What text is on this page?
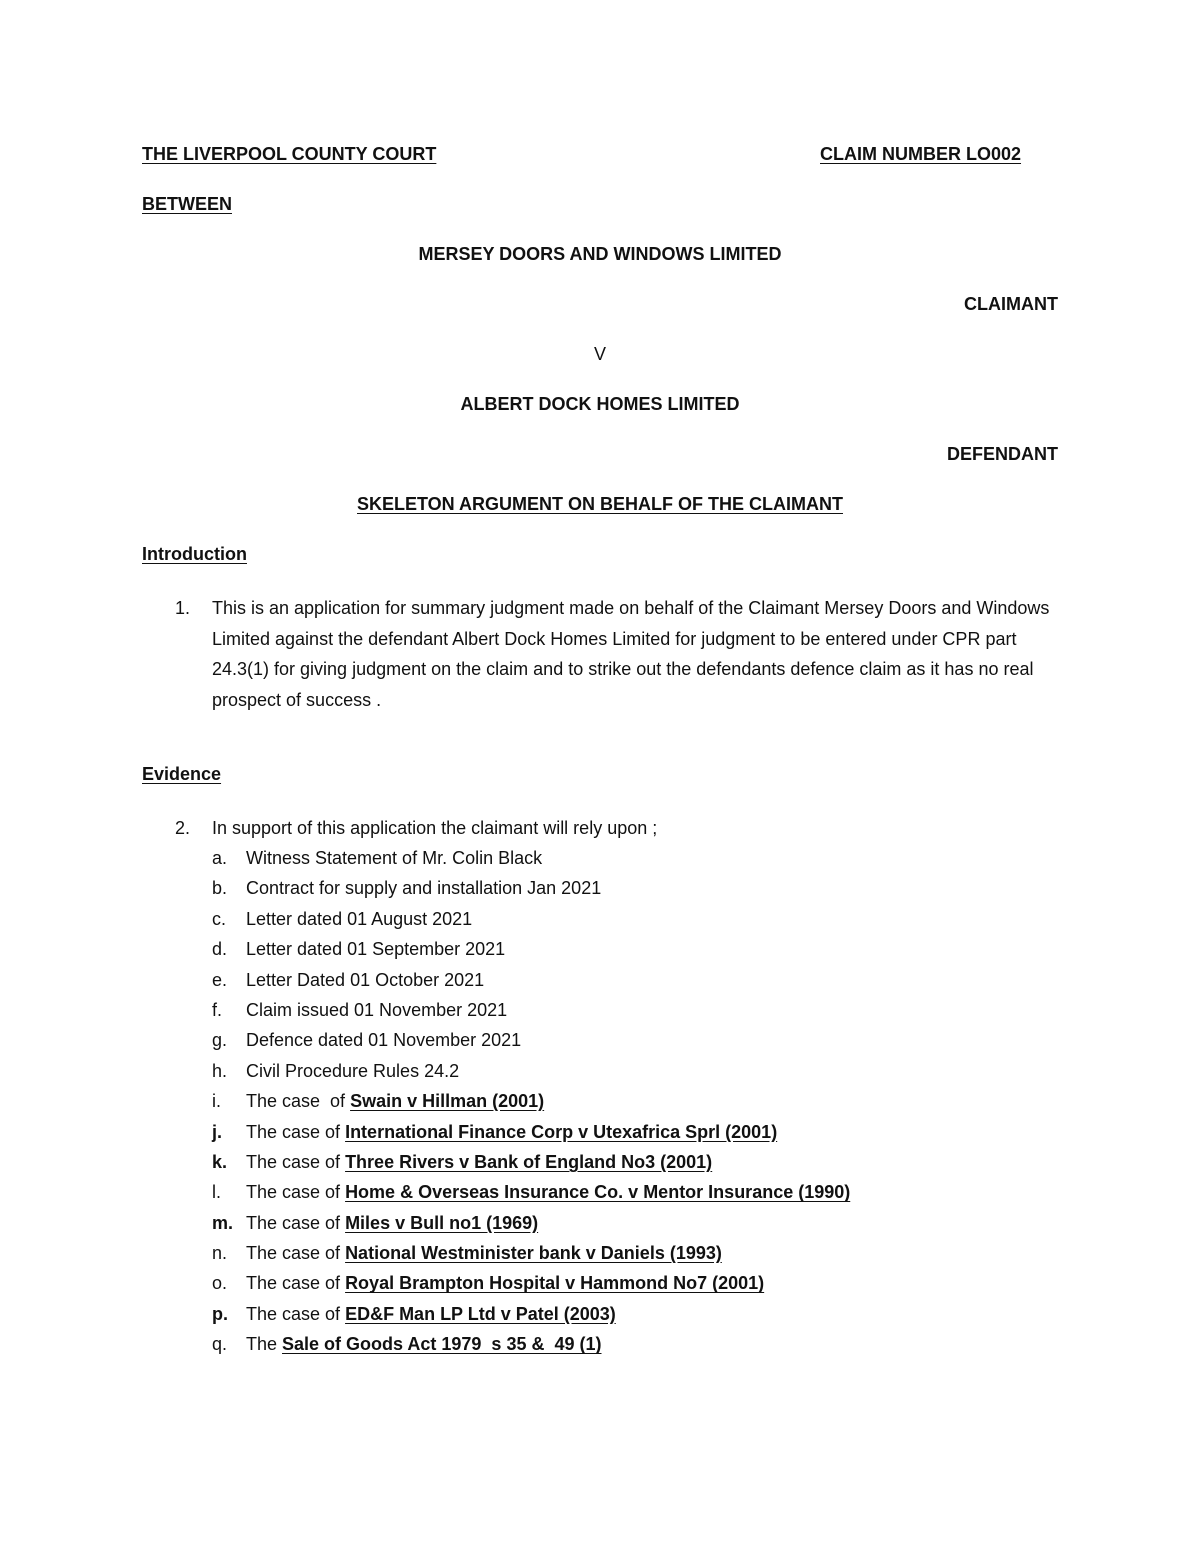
THE LIVERPOOL COUNTY COURT	CLAIM NUMBER LO002
BETWEEN
MERSEY DOORS AND WINDOWS LIMITED
CLAIMANT
V
ALBERT DOCK HOMES LIMITED
DEFENDANT
SKELETON ARGUMENT ON BEHALF OF THE CLAIMANT
Introduction
1. This is an application for summary judgment made on behalf of the Claimant Mersey Doors and Windows Limited against the defendant Albert Dock Homes Limited for judgment to be entered under CPR part 24.3(1) for giving judgment on the claim and to strike out the defendants defence claim as it has no real prospect of success .
Evidence
2. In support of this application the claimant will rely upon ;
a.	Witness Statement of Mr. Colin Black
b.	Contract for supply and installation Jan 2021
c.	Letter dated 01 August 2021
d.	Letter dated 01 September 2021
e.	Letter Dated 01 October 2021
f.	Claim issued 01 November 2021
g.	Defence dated 01 November 2021
h.	Civil Procedure Rules 24.2
i.	The case  of Swain v Hillman (2001)
j.	The case of International Finance Corp v Utexafrica Sprl (2001)
k.	The case of Three Rivers v Bank of England No3 (2001)
l.	The case of Home & Overseas Insurance Co. v Mentor Insurance (1990)
m. The case of Miles v Bull no1 (1969)
n.	The case of National Westminister bank v Daniels (1993)
o.	The case of Royal Brampton Hospital v Hammond No7 (2001)
p.	The case of ED&F Man LP Ltd v Patel (2003)
q.	The Sale of Goods Act 1979  s 35 &  49 (1)
